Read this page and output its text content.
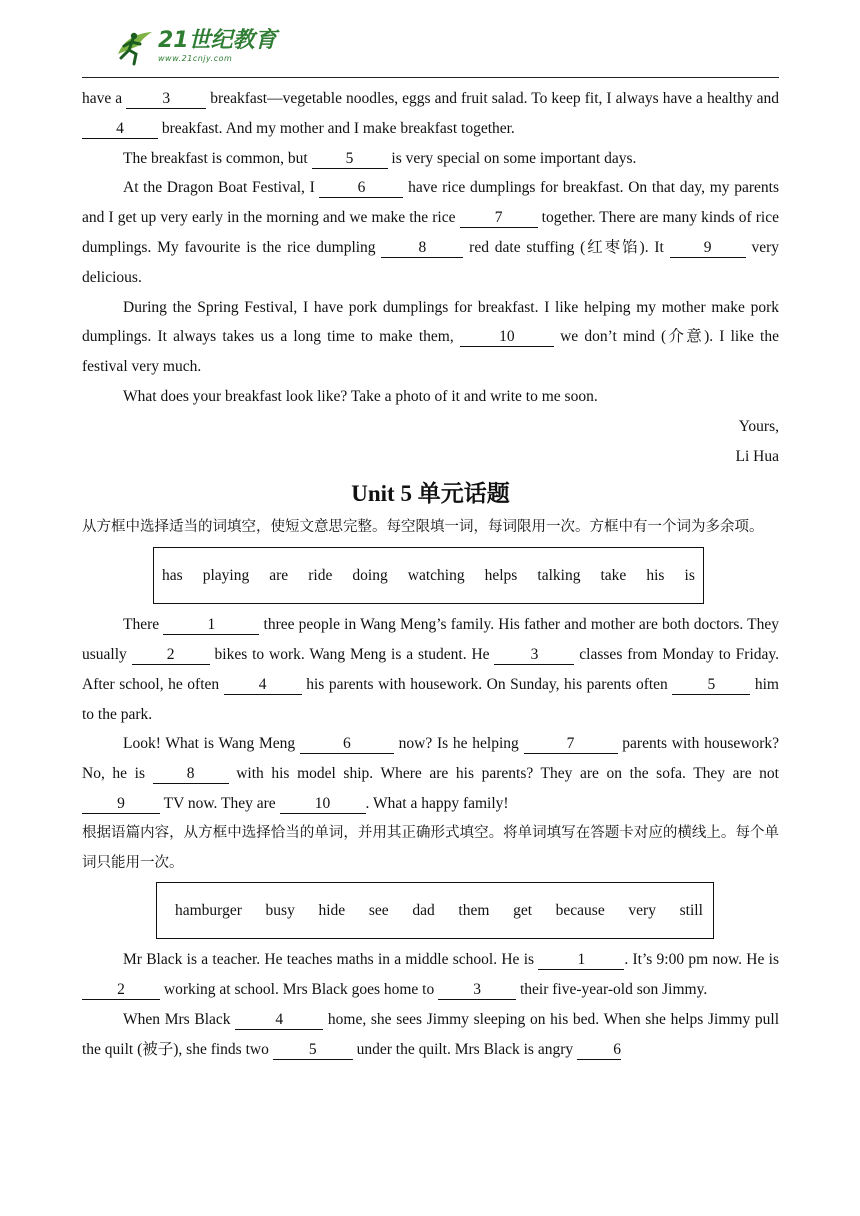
21世纪教育
www.21cnjy.com

have a 3 breakfast—vegetable noodles, eggs and fruit salad. To keep fit, I always have a healthy and 4 breakfast. And my mother and I make breakfast together.

The breakfast is common, but 5 is very special on some important days.

At the Dragon Boat Festival, I 6 have rice dumplings for breakfast. On that day, my parents and I get up very early in the morning and we make the rice 7 together. There are many kinds of rice dumplings. My favourite is the rice dumpling 8 red date stuffing (红枣馅). It 9 very delicious.

During the Spring Festival, I have pork dumplings for breakfast. I like helping my mother make pork dumplings. It always takes us a long time to make them,	10	we don’t mind (介意). I like the festival very much.

What does your breakfast look like? Take a photo of it and write to me soon.

Yours,

Li Hua

Unit 5 单元话题

从方框中选择适当的词填空，使短文意思完整。每空限填一词，每词限用一次。方框中有一个词为多余项。

has playing are ride doing watching helps talking take his is

There	1	three people in Wang Meng’s family. His father and mother are both doctors. They usually 2 bikes to work. Wang Meng is a student. He 3 classes from Monday to Friday. After school, he often 4 his parents with housework. On Sunday, his parents often 5 him to the park.

Look! What is Wang Meng	6	now? Is he helping	7	parents with housework? No, he is 8 with his model ship. Where are his parents? They are on the sofa. They are not 9 TV now. They are 10 . What a happy family!

根据语篇内容，从方框中选择恰当的单词，并用其正确形式填空。将单词填写在答题卡对应的横线上。每个单词只能用一次。

hamburger busy hide see dad them get because very still

Mr Black is a teacher. He teaches maths in a middle school. He is	1	. It’s 9:00 pm now. He is 2 working at school. Mrs Black goes home to 3 their five-year-old son Jimmy.

When Mrs Black	4	home, she sees Jimmy sleeping on his bed. When she helps Jimmy pull the quilt (被子), she finds two 5 under the quilt. Mrs Black is angry 6
